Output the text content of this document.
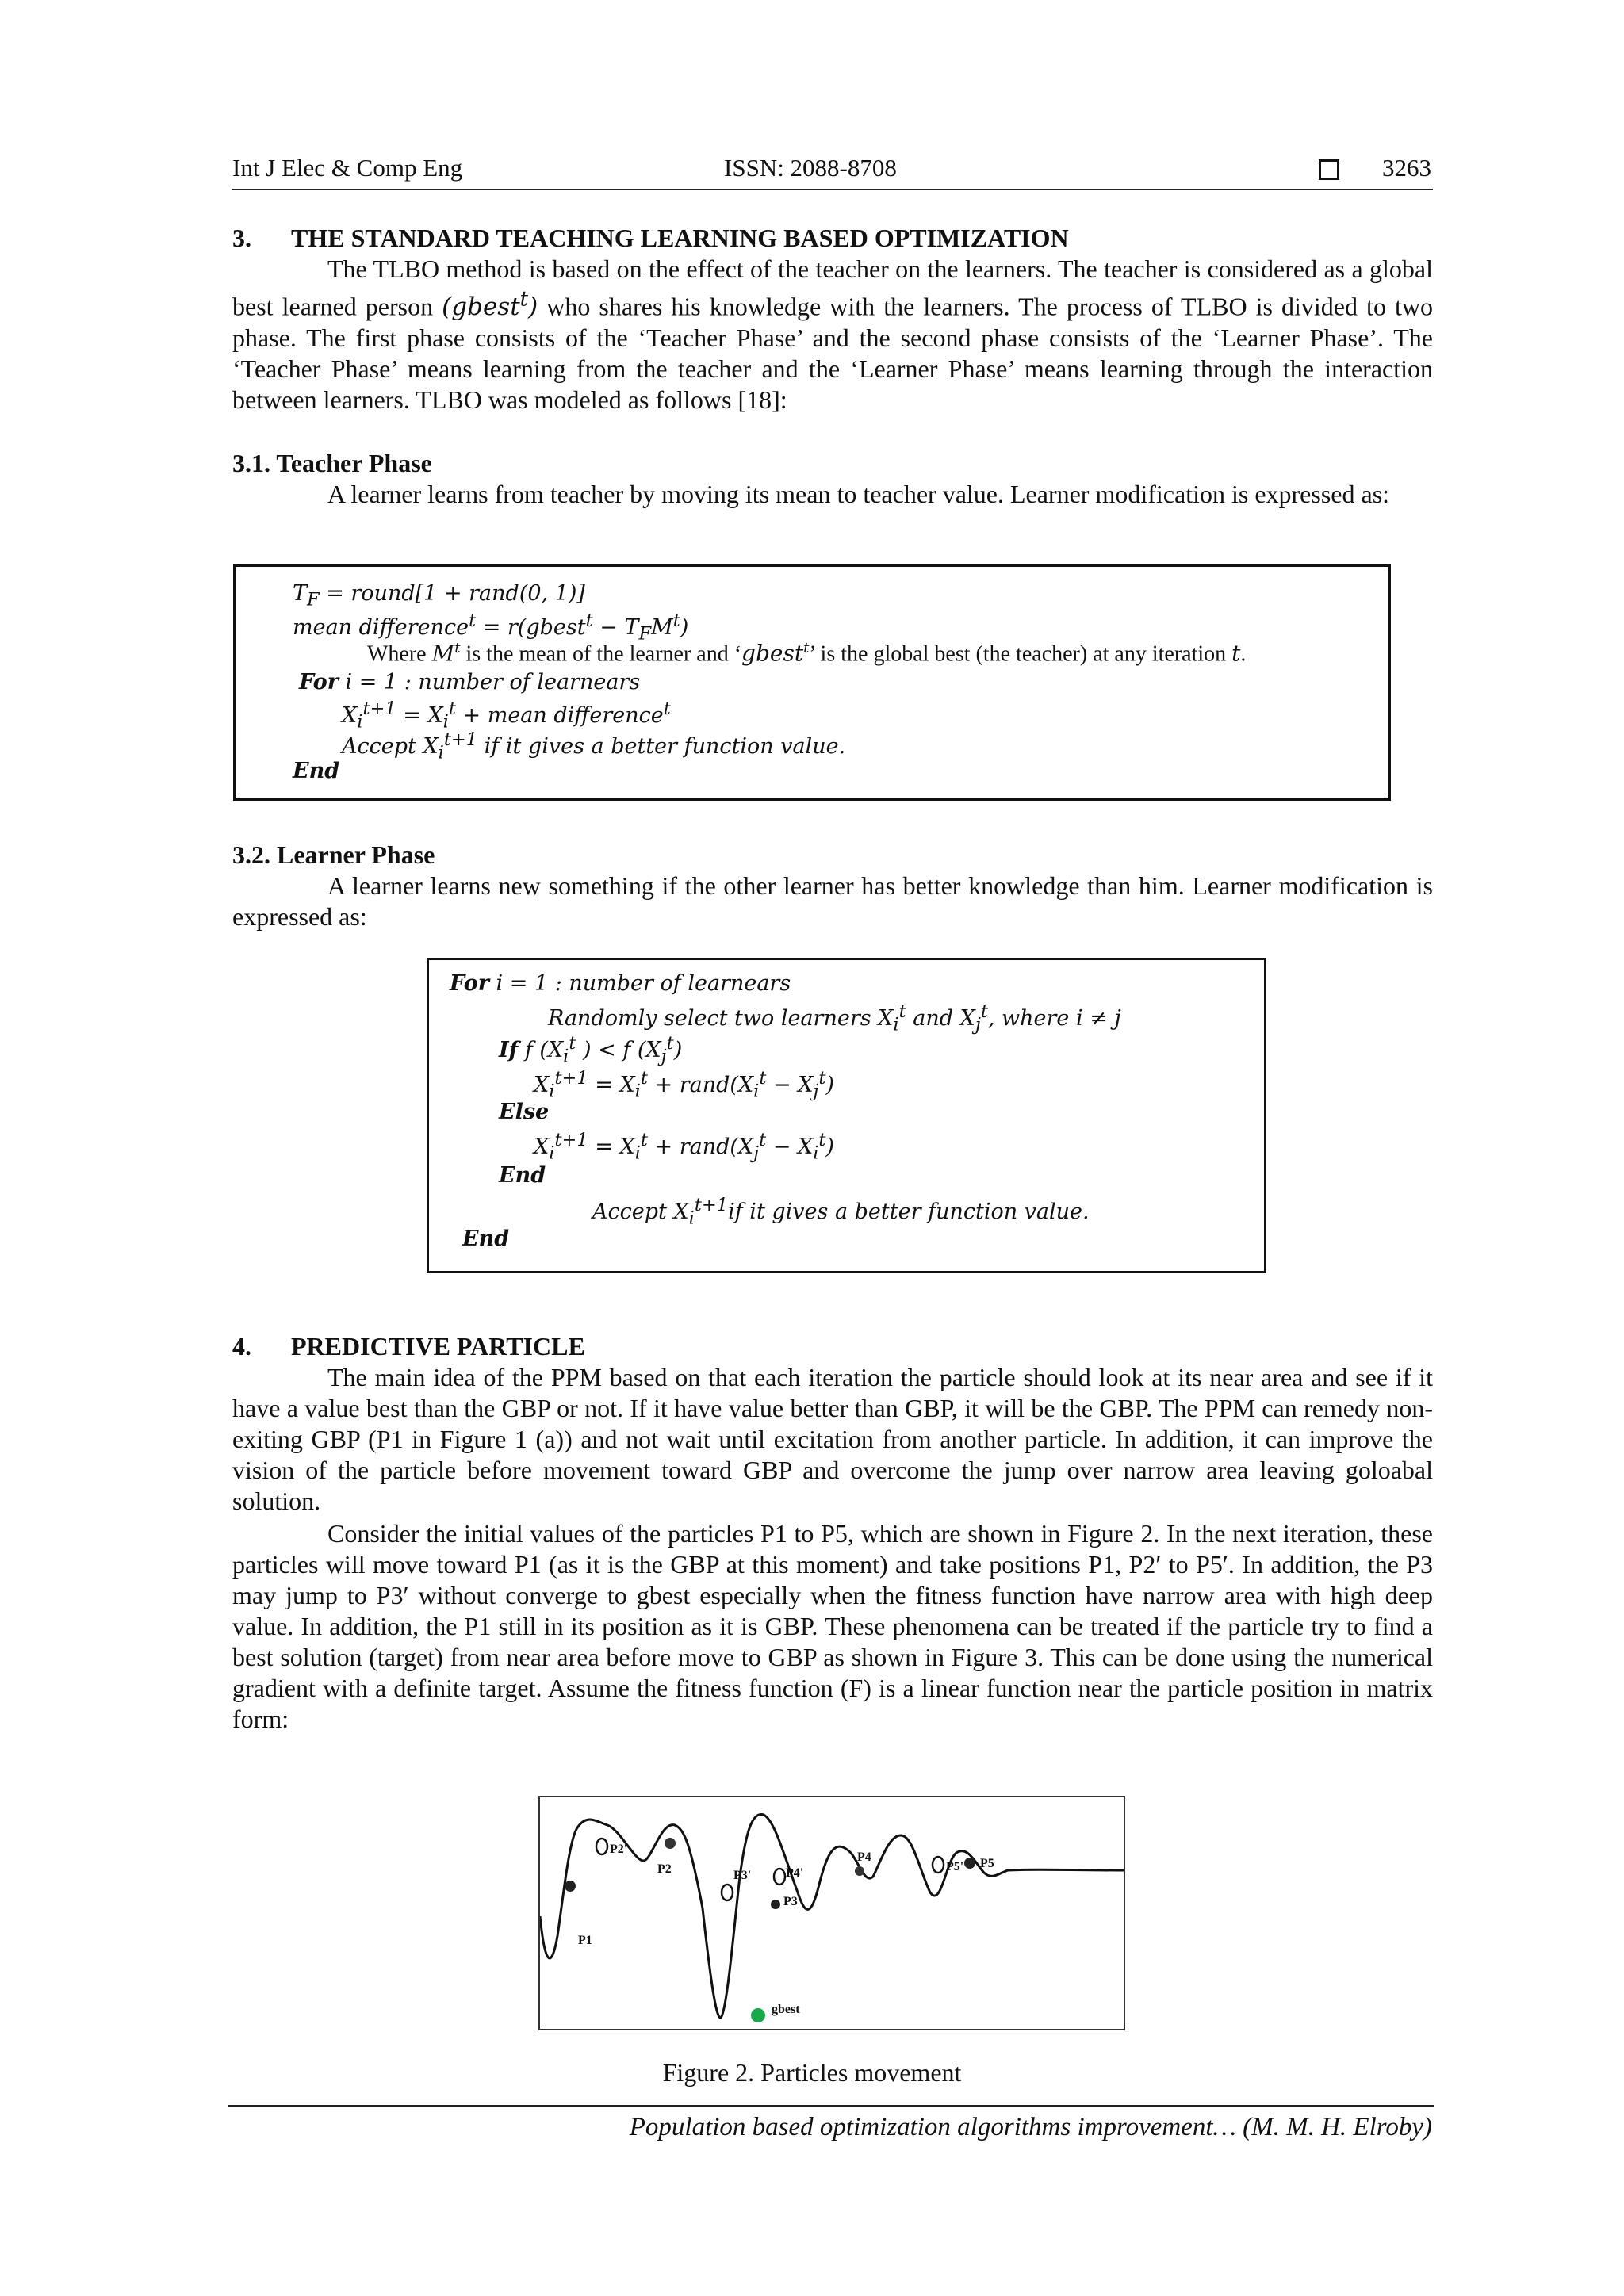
Int J Elec & Comp Eng	ISSN: 2088-8708	3263
3. THE STANDARD TEACHING LEARNING BASED OPTIMIZATION

The TLBO method is based on the effect of the teacher on the learners. The teacher is considered as a global best learned person (gbest$^t$) who shares his knowledge with the learners. The process of TLBO is divided to two phase. The first phase consists of the ‘Teacher Phase’ and the second phase consists of the ‘Learner Phase’. The ‘Teacher Phase’ means learning from the teacher and the ‘Learner Phase’ means learning through the interaction between learners. TLBO was modeled as follows [18]:

3.1. Teacher Phase

A learner learns from teacher by moving its mean to teacher value. Learner modification is expressed as:

$T_F$ = round[1 + rand(0, 1)]
mean difference$^t$ = r(gbest$^t$ − $T_FM^t$)
Where $M^t$ is the mean of the learner and ‘gbest$^t$’ is the global best (the teacher) at any iteration t.
For i = 1 : number of learnears
$X_i^{t+1} = X_i^t$ + mean difference$^t$
Accept $X_i^{t+1}$ if it gives a better function value.
End
3.2. Learner Phase

A learner learns new something if the other learner has better knowledge than him. Learner modification is expressed as:

For i = 1 : number of learnears
Randomly select two learners $X_i^t$ and $X_j^t$, where i ≠ j
If f ($X_i^t$ ) < f $(X_j^t)$
$X_i^{t+1} = X_i^t$ + $rand(X_i^t - X_j^t)$
Else
$X_i^{t+1} = X_i^t$ + $rand(X_j^t - X_i^t)$
End
Accept $X_i^{t+1}if$ it gives a better function value.
End
4. PREDICTIVE PARTICLE

The main idea of the PPM based on that each iteration the particle should look at its near area and see if it have a value best than the GBP or not. If it have value better than GBP, it will be the GBP. The PPM can remedy non-exiting GBP (P1 in Figure 1 (a)) and not wait until excitation from another particle. In addition, it can improve the vision of the particle before movement toward GBP and overcome the jump over narrow area leaving goloabal solution.

Consider the initial values of the particles P1 to P5, which are shown in Figure 2. In the next iteration, these particles will move toward P1 (as it is the GBP at this moment) and take positions P1, P2′ to P5′. In addition, the P3 may jump to P3′ without converge to gbest especially when the fitness function have narrow area with high deep value. In addition, the P1 still in its position as it is GBP. These phenomena can be treated if the particle try to find a best solution (target) from near area before move to GBP as shown in Figure 3. This can be done using the numerical gradient with a definite target. Assume the fitness function (F) is a linear function near the particle position in matrix form:

P1
P2'
P2	P3'	P4'
P3
P4
P5' P5
gbest
Figure 2. Particles movement
Population based optimization algorithms improvement… (M. M. H. Elroby)
